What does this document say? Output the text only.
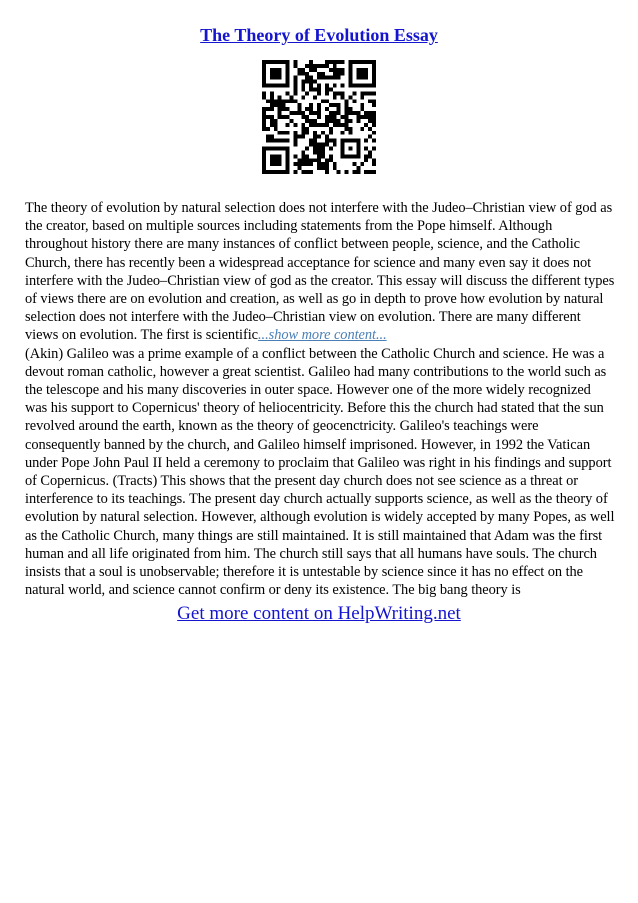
The Theory of Evolution Essay

The theory of evolution by natural selection does not interfere with the Judeo–Christian view of god as the creator, based on multiple sources including statements from the Pope himself. Although throughout history there are many instances of conflict between people, science, and the Catholic Church, there has recently been a widespread acceptance for science and many even say it does not interfere with the Judeo–Christian view of god as the creator. This essay will discuss the different types of views there are on evolution and creation, as well as go in depth to prove how evolution by natural selection does not interfere with the Judeo–Christian view on evolution. There are many different views on evolution. The first is scientific...show more content...

(Akin) Galileo was a prime example of a conflict between the Catholic Church and science. He was a devout roman catholic, however a great scientist. Galileo had many contributions to the world such as the telescope and his many discoveries in outer space. However one of the more widely recognized was his support to Copernicus' theory of heliocentricity. Before this the church had stated that the sun revolved around the earth, known as the theory of geocenctricity. Galileo's teachings were consequently banned by the church, and Galileo himself imprisoned. However, in 1992 the Vatican under Pope John Paul II held a ceremony to proclaim that Galileo was right in his findings and support of Copernicus. (Tracts) This shows that the present day church does not see science as a threat or interference to its teachings. The present day church actually supports science, as well as the theory of evolution by natural selection. However, although evolution is widely accepted by many Popes, as well as the Catholic Church, many things are still maintained. It is still maintained that Adam was the first human and all life originated from him. The church still says that all humans have souls. The church insists that a soul is unobservable; therefore it is untestable by science since it has no effect on the natural world, and science cannot confirm or deny its existence. The big bang theory is

Get more content on HelpWriting.net
